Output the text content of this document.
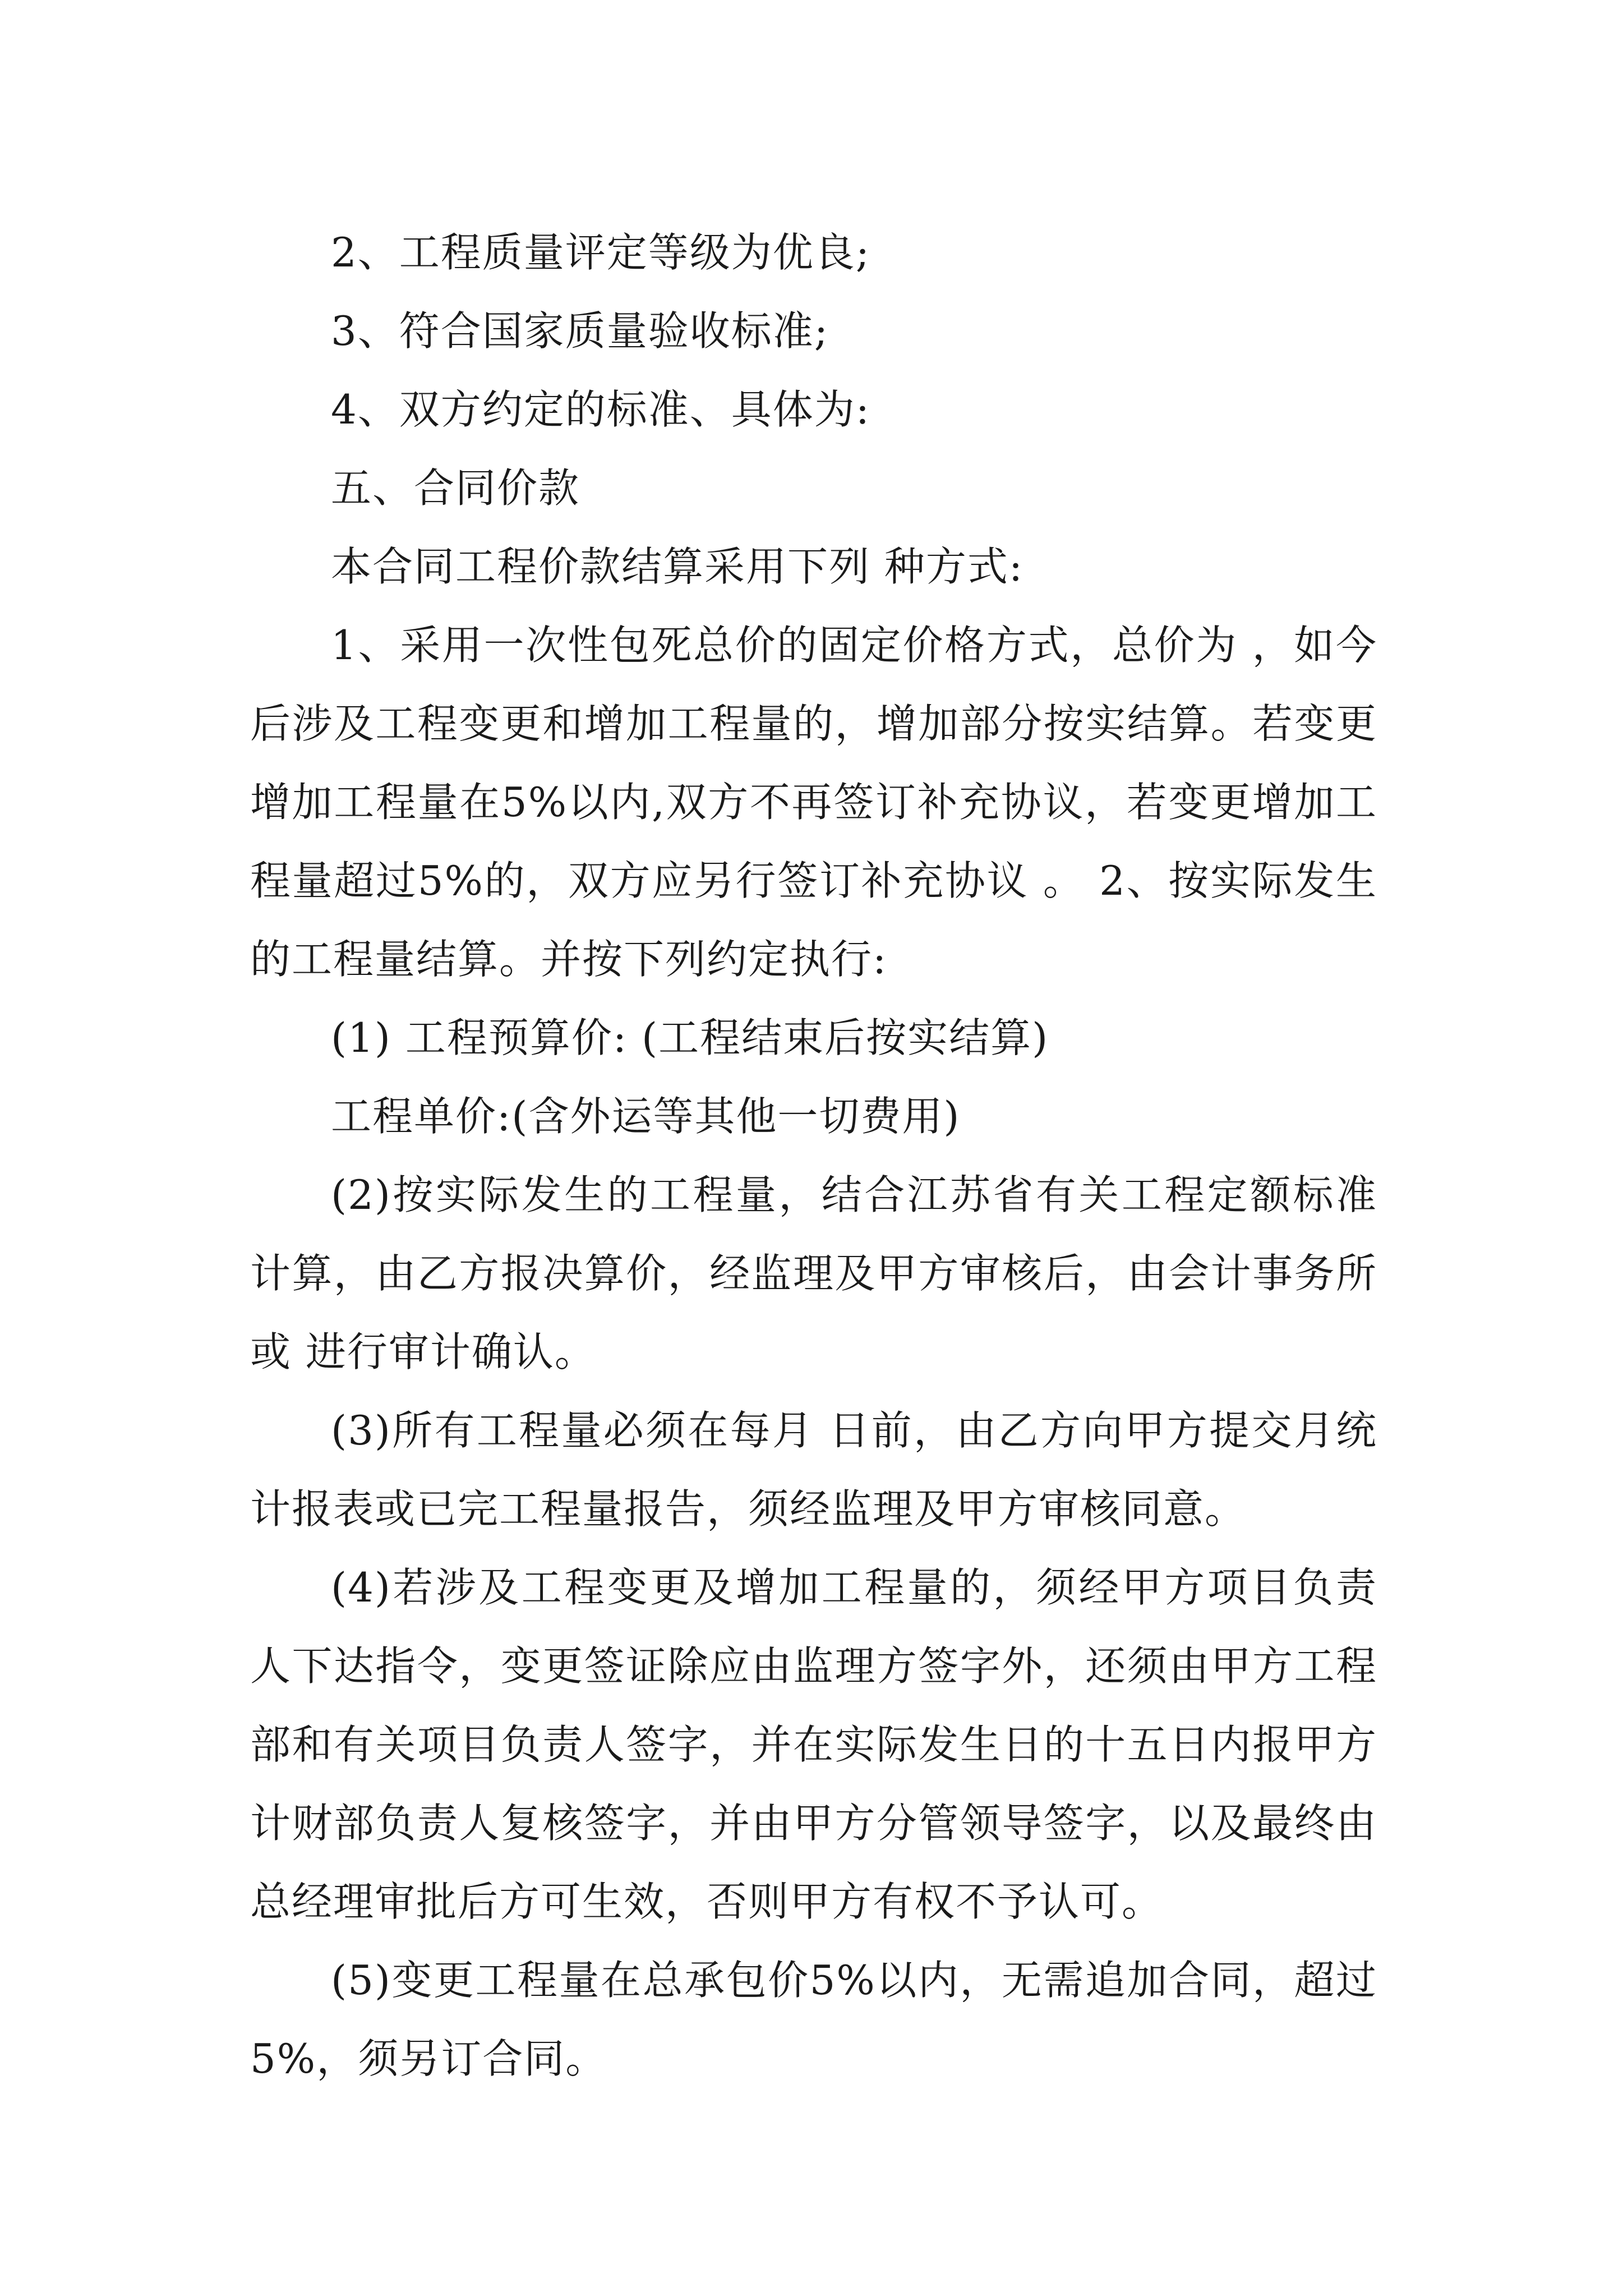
2、工程质量评定等级为优良;

3、符合国家质量验收标准;

4、双方约定的标准、具体为:

五、合同价款

本合同工程价款结算采用下列 种方式:

1、采用一次性包死总价的固定价格方式，总价为 ，如今后涉及工程变更和增加工程量的，增加部分按实结算。若变更增加工程量在5%以内,双方不再签订补充协议，若变更增加工程量超过5%的，双方应另行签订补充协议 。 2、按实际发生的工程量结算。并按下列约定执行:

(1) 工程预算价: (工程结束后按实结算)

工程单价:(含外运等其他一切费用)

(2)按实际发生的工程量，结合江苏省有关工程定额标准计算，由乙方报决算价，经监理及甲方审核后，由会计事务所或 进行审计确认。

(3)所有工程量必须在每月 日前，由乙方向甲方提交月统计报表或已完工程量报告，须经监理及甲方审核同意。

(4)若涉及工程变更及增加工程量的，须经甲方项目负责人下达指令，变更签证除应由监理方签字外，还须由甲方工程部和有关项目负责人签字，并在实际发生日的十五日内报甲方计财部负责人复核签字，并由甲方分管领导签字，以及最终由总经理审批后方可生效，否则甲方有权不予认可。

(5)变更工程量在总承包价5%以内，无需追加合同，超过5%，须另订合同。
